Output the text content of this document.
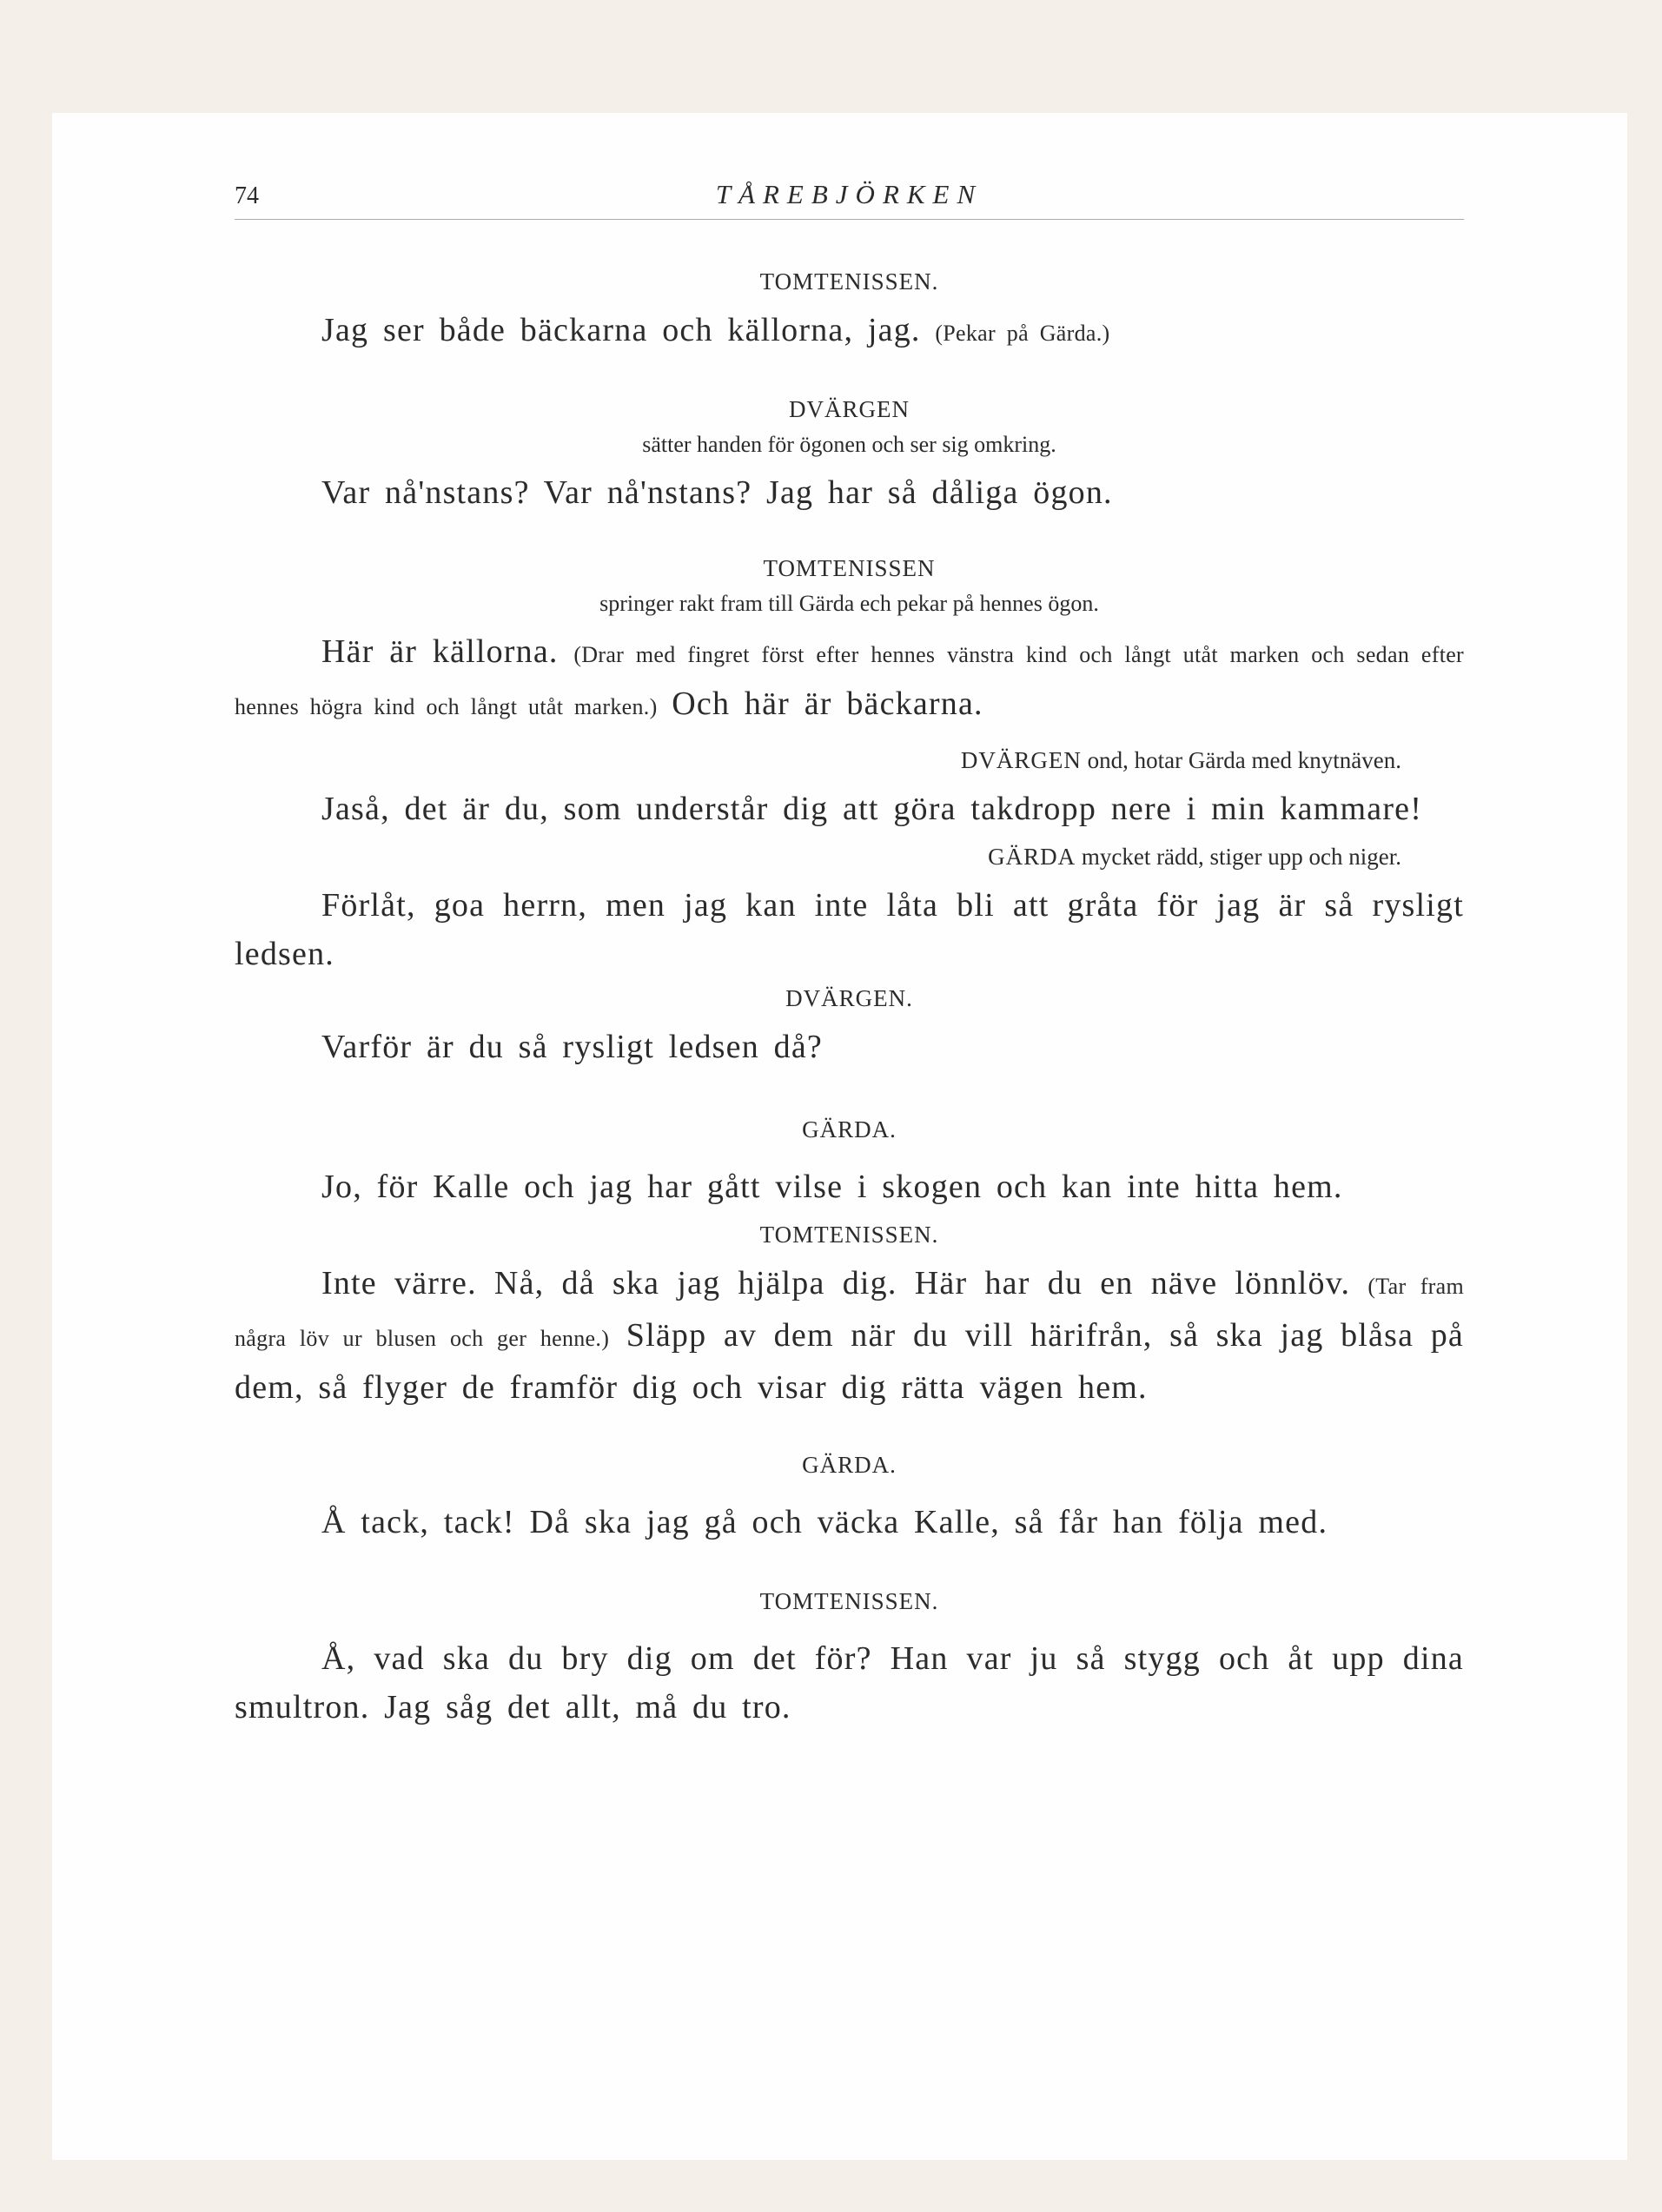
74	TÅREBJÖRKEN
TOMTENISSEN.

Jag ser både bäckarna och källorna, jag. (Pekar på Gärda.)

DVÄRGEN
sätter handen för ögonen och ser sig omkring.

Var nå'nstans? Var nå'nstans? Jag har så dåliga ögon.

TOMTENISSEN
springer rakt fram till Gärda ech pekar på hennes ögon.

Här är källorna. (Drar med fingret först efter hennes vänstra kind och långt utåt marken och sedan efter hennes högra kind och långt utåt marken.) Och här är bäckarna.

DVÄRGEN ond, hotar Gärda med knytnäven.

Jaså, det är du, som understår dig att göra takdropp nere i min kammare!

GÄRDA mycket rädd, stiger upp och niger.

Förlåt, goa herrn, men jag kan inte låta bli att gråta för jag är så rysligt ledsen.

DVÄRGEN.

Varför är du så rysligt ledsen då?

GÄRDA.

Jo, för Kalle och jag har gått vilse i skogen och kan inte hitta hem.

TOMTENISSEN.

Inte värre. Nå, då ska jag hjälpa dig. Här har du en näve lönnlöv. (Tar fram några löv ur blusen och ger henne.) Släpp av dem när du vill härifrån, så ska jag blåsa på dem, så flyger de framför dig och visar dig rätta vägen hem.

GÄRDA.

Å tack, tack! Då ska jag gå och väcka Kalle, så får han följa med.

TOMTENISSEN.

Å, vad ska du bry dig om det för? Han var ju så stygg och åt upp dina smultron. Jag såg det allt, må du tro.
